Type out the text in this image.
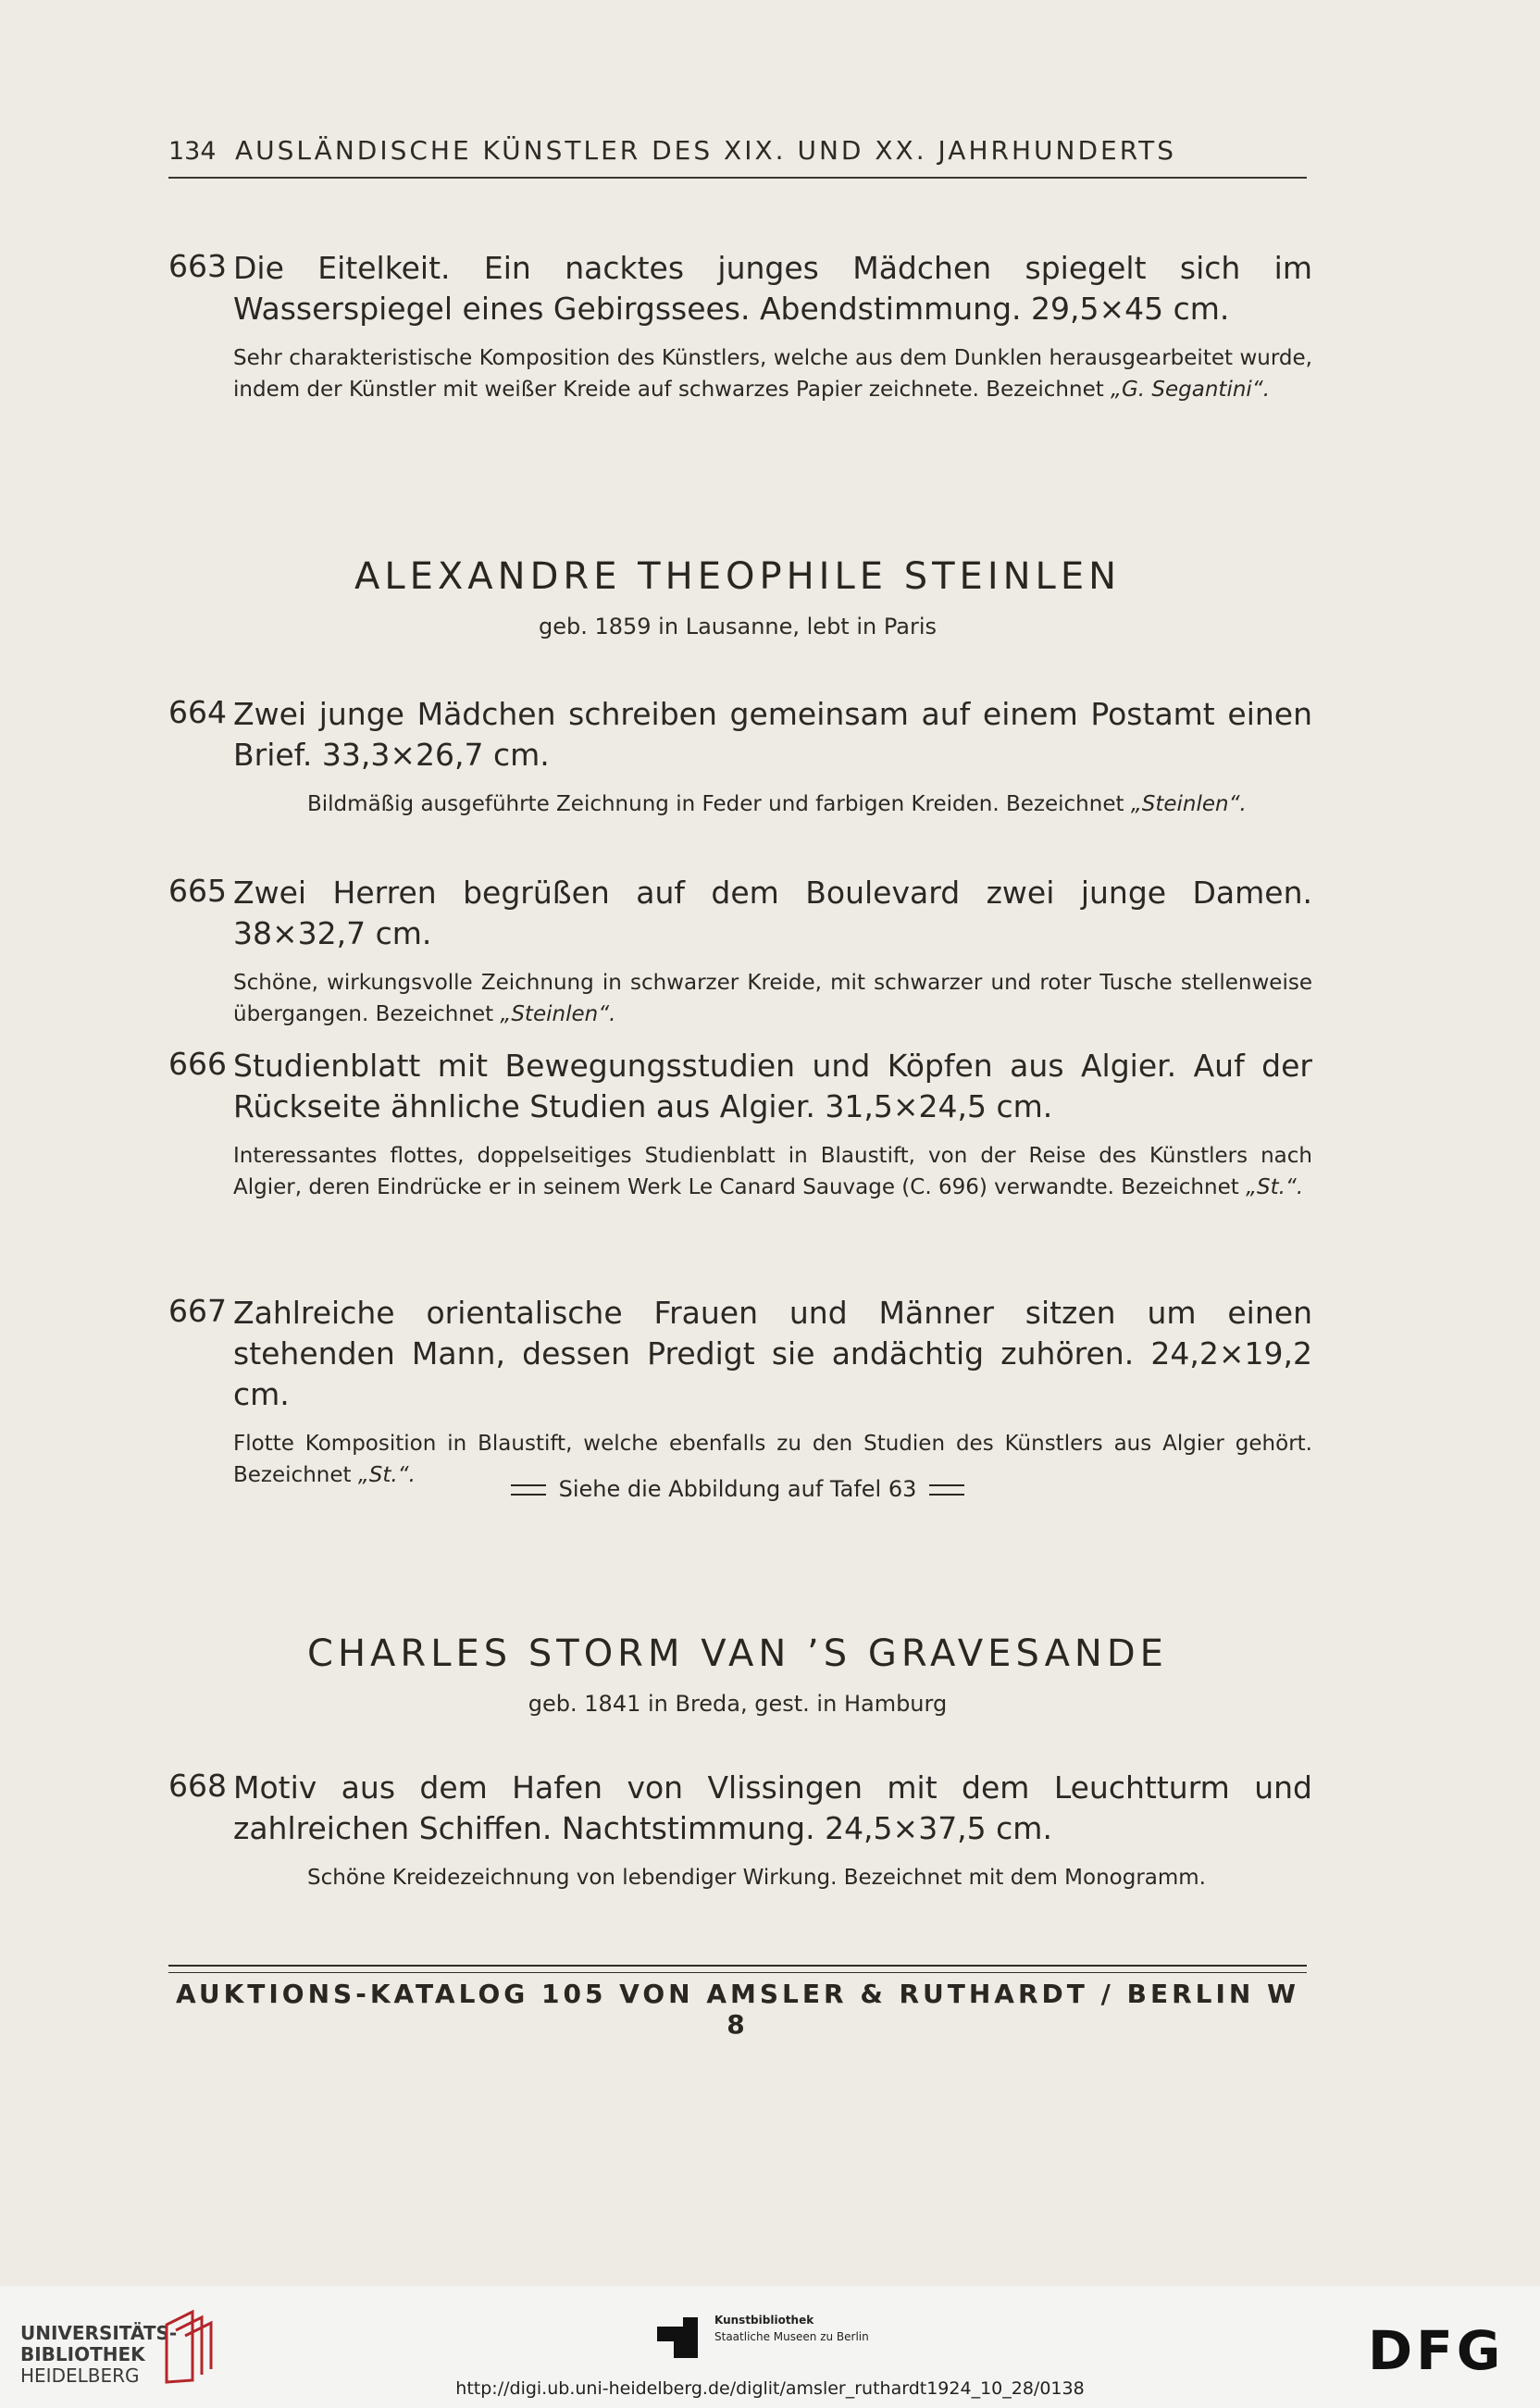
134 AUSLÄNDISCHE KÜNSTLER DES XIX. UND XX. JAHRHUNDERTS
663 Die Eitelkeit. Ein nacktes junges Mädchen spiegelt sich im Wasserspiegel eines Gebirgssees. Abendstimmung. 29,5×45 cm.
Sehr charakteristische Komposition des Künstlers, welche aus dem Dunklen herausgearbeitet wurde, indem der Künstler mit weißer Kreide auf schwarzes Papier zeichnete. Bezeichnet „G. Segantini“.
ALEXANDRE THEOPHILE STEINLEN
geb. 1859 in Lausanne, lebt in Paris
664 Zwei junge Mädchen schreiben gemeinsam auf einem Postamt einen Brief. 33,3×26,7 cm.
Bildmäßig ausgeführte Zeichnung in Feder und farbigen Kreiden. Bezeichnet „Steinlen“.
665 Zwei Herren begrüßen auf dem Boulevard zwei junge Damen. 38×32,7 cm.
Schöne, wirkungsvolle Zeichnung in schwarzer Kreide, mit schwarzer und roter Tusche stellenweise übergangen. Bezeichnet „Steinlen“.
666 Studienblatt mit Bewegungsstudien und Köpfen aus Algier. Auf der Rückseite ähnliche Studien aus Algier. 31,5×24,5 cm.
Interessantes flottes, doppelseitiges Studienblatt in Blaustift, von der Reise des Künstlers nach Algier, deren Eindrücke er in seinem Werk Le Canard Sauvage (C. 696) verwandte. Bezeichnet „St.“.
667 Zahlreiche orientalische Frauen und Männer sitzen um einen stehenden Mann, dessen Predigt sie andächtig zuhören. 24,2×19,2 cm.
Flotte Komposition in Blaustift, welche ebenfalls zu den Studien des Künstlers aus Algier gehört. Bezeichnet „St.“.
Siehe die Abbildung auf Tafel 63
CHARLES STORM VAN ’S GRAVESANDE
geb. 1841 in Breda, gest. in Hamburg
668 Motiv aus dem Hafen von Vlissingen mit dem Leuchtturm und zahlreichen Schiffen. Nachtstimmung. 24,5×37,5 cm.
Schöne Kreidezeichnung von lebendiger Wirkung. Bezeichnet mit dem Monogramm.
AUKTIONS-KATALOG 105 VON AMSLER & RUTHARDT / BERLIN W 8
UNIVERSITÄTS-
BIBLIOTHEK
HEIDELBERG
Kunstbibliothek
Staatliche Museen zu Berlin	DFG
http://digi.ub.uni-heidelberg.de/diglit/amsler_ruthardt1924_10_28/0138
